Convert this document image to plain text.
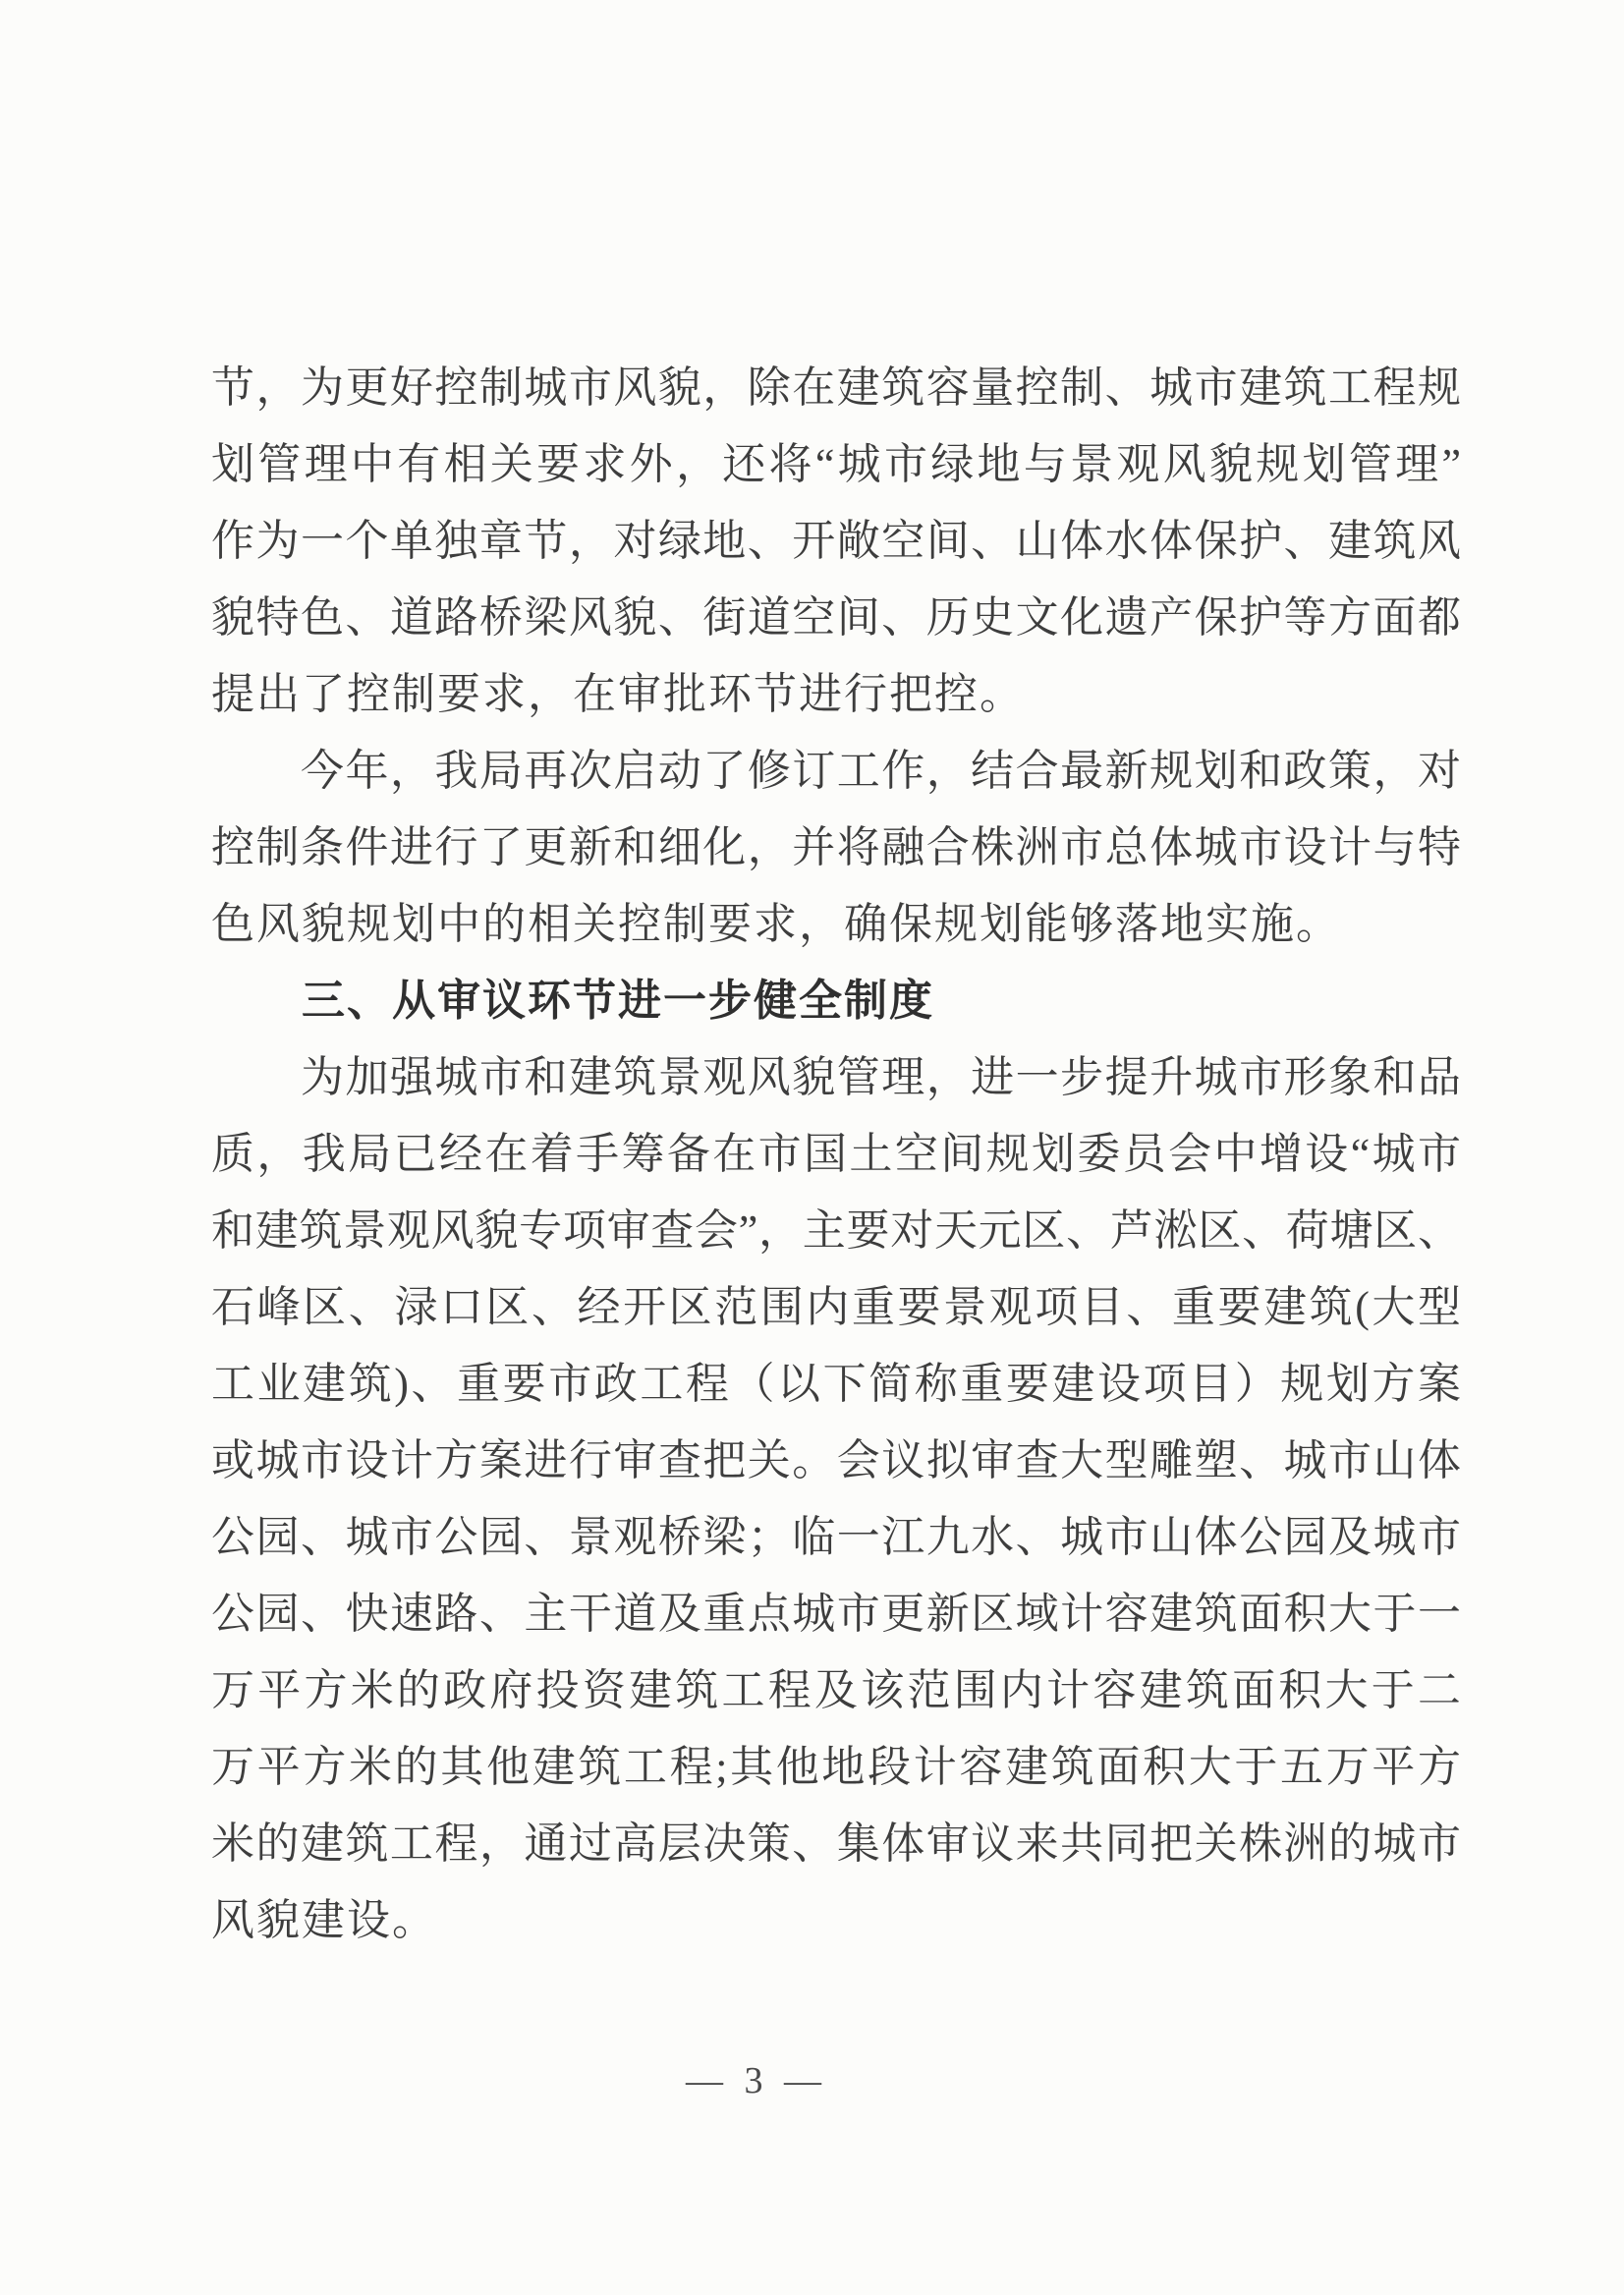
节，为更好控制城市风貌，除在建筑容量控制、城市建筑工程规
划管理中有相关要求外，还将“城市绿地与景观风貌规划管理”
作为一个单独章节，对绿地、开敞空间、山体水体保护、建筑风
貌特色、道路桥梁风貌、街道空间、历史文化遗产保护等方面都
提出了控制要求，在审批环节进行把控。
　　今年，我局再次启动了修订工作，结合最新规划和政策，对
控制条件进行了更新和细化，并将融合株洲市总体城市设计与特
色风貌规划中的相关控制要求，确保规划能够落地实施。
　　三、从审议环节进一步健全制度
　　为加强城市和建筑景观风貌管理，进一步提升城市形象和品
质，我局已经在着手筹备在市国土空间规划委员会中增设“城市
和建筑景观风貌专项审查会”，主要对天元区、芦淞区、荷塘区、
石峰区、渌口区、经开区范围内重要景观项目、重要建筑(大型
工业建筑)、重要市政工程（以下简称重要建设项目）规划方案
或城市设计方案进行审查把关。会议拟审查大型雕塑、城市山体
公园、城市公园、景观桥梁；临一江九水、城市山体公园及城市
公园、快速路、主干道及重点城市更新区域计容建筑面积大于一
万平方米的政府投资建筑工程及该范围内计容建筑面积大于二
万平方米的其他建筑工程;其他地段计容建筑面积大于五万平方
米的建筑工程，通过高层决策、集体审议来共同把关株洲的城市
风貌建设。
— 3 —
